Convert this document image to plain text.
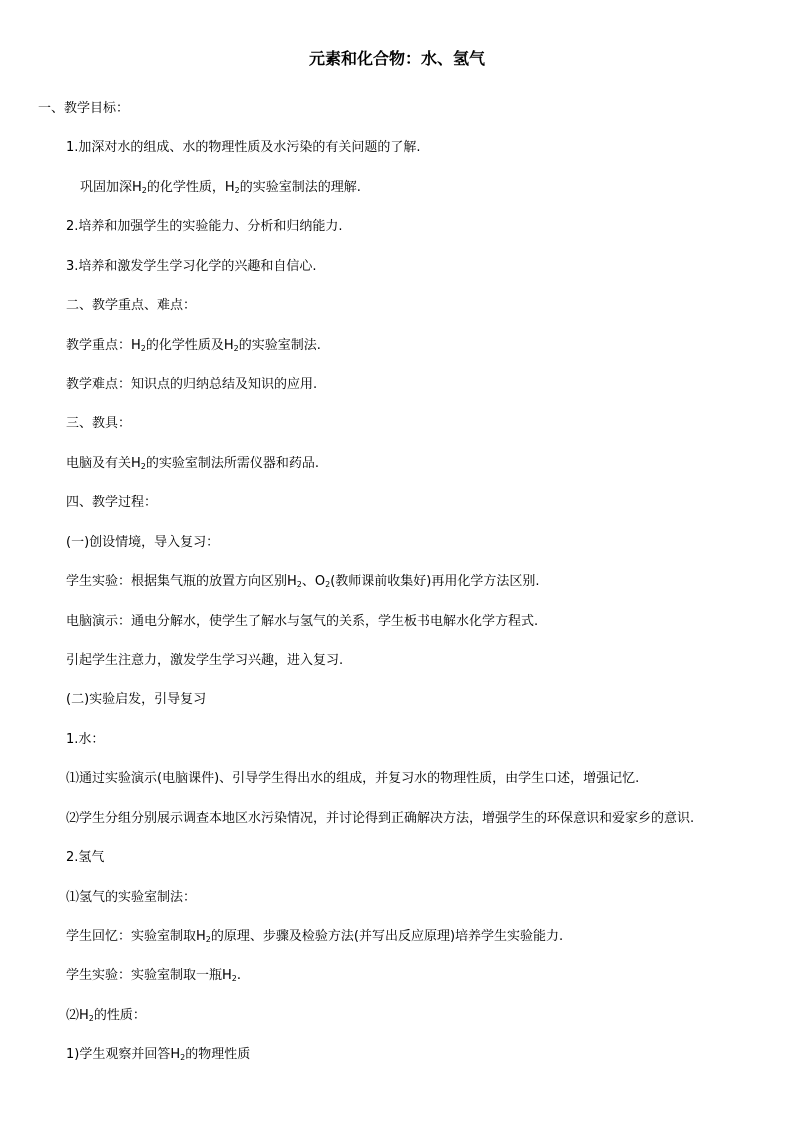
元素和化合物：水、氢气
一、教学目标：
1.加深对水的组成、水的物理性质及水污染的有关问题的了解.
巩固加深$H_2$的化学性质，$H_2$的实验室制法的理解.
2.培养和加强学生的实验能力、分析和归纳能力.
3.培养和激发学生学习化学的兴趣和自信心.
二、教学重点、难点：
教学重点：$H_2$的化学性质及$H_2$的实验室制法.
教学难点：知识点的归纳总结及知识的应用.
三、教具：
电脑及有关$H_2$的实验室制法所需仪器和药品.
四、教学过程：
(一)创设情境，导入复习：
学生实验：根据集气瓶的放置方向区别$H_2$、$O_2$(教师课前收集好)再用化学方法区别.
电脑演示：通电分解水，使学生了解水与氢气的关系，学生板书电解水化学方程式.
引起学生注意力，激发学生学习兴趣，进入复习.
(二)实验启发，引导复习
1.水：
⑴通过实验演示(电脑课件)、引导学生得出水的组成，并复习水的物理性质，由学生口述，增强记忆.
⑵学生分组分别展示调查本地区水污染情况，并讨论得到正确解决方法，增强学生的环保意识和爱家乡的意识.
2.氢气
⑴氢气的实验室制法：
学生回忆：实验室制取$H_2$的原理、步骤及检验方法(并写出反应原理)培养学生实验能力.
学生实验：实验室制取一瓶$H_2$.
$⑵H_2$的性质：
1)学生观察并回答$H_2$的物理性质
